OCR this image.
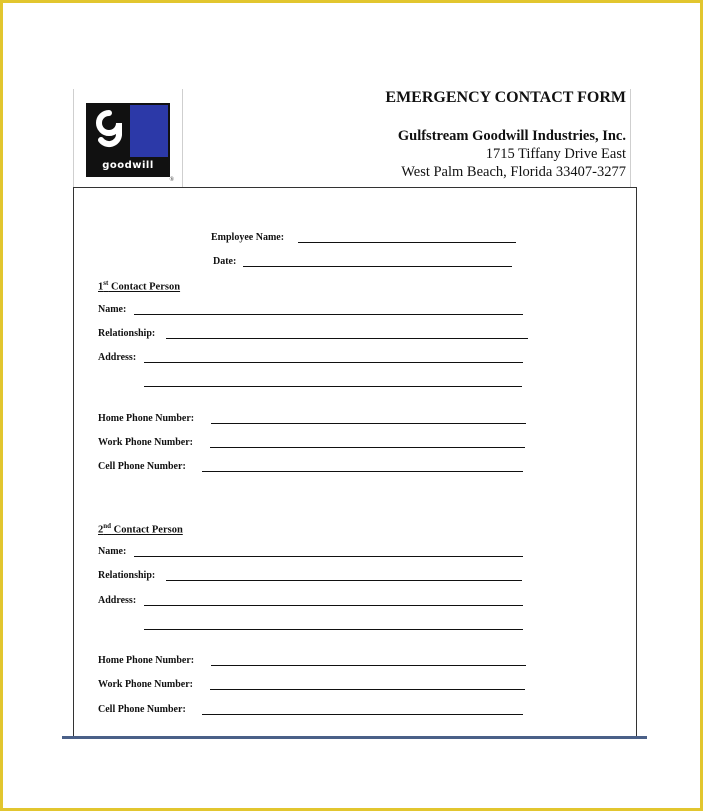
goodwill
®
EMERGENCY CONTACT FORM
Gulfstream Goodwill Industries, Inc.
1715 Tiffany Drive East
West Palm Beach, Florida 33407-3277
Employee Name:
Date:
1st Contact Person
Name:
Relationship:
Address:
Home Phone Number:
Work Phone Number:
Cell Phone Number:
2nd Contact Person
Name:
Relationship:
Address:
Home Phone Number:
Work Phone Number:
Cell Phone Number:
